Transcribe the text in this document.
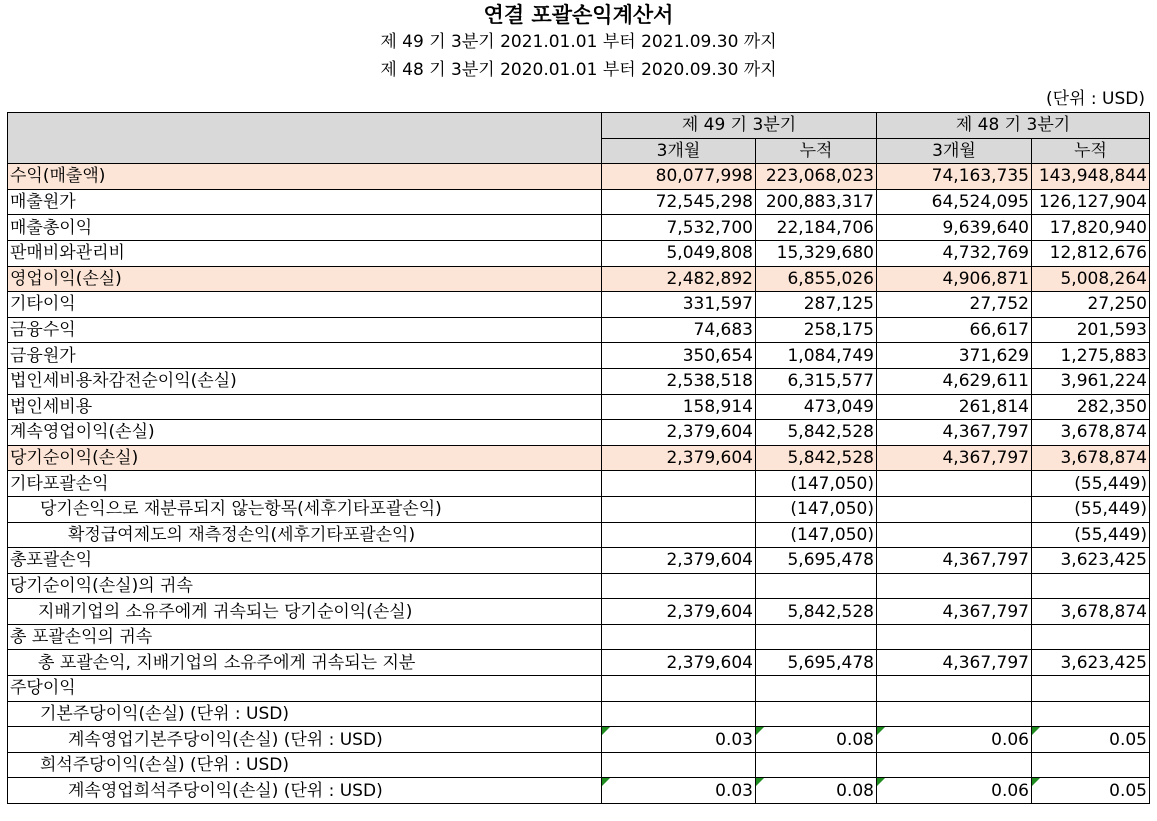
연결 포괄손익계산서
제 49 기 3분기 2021.01.01 부터 2021.09.30 까지
제 48 기 3분기 2020.01.01 부터 2020.09.30 까지
(단위 : USD)
	제 49 기 3분기		제 48 기 3분기	
	3개월	누적	3개월	누적
수익(매출액)	80,077,998	223,068,023	74,163,735	143,948,844
매출원가	72,545,298	200,883,317	64,524,095	126,127,904
매출총이익	7,532,700	22,184,706	9,639,640	17,820,940
판매비와관리비	5,049,808	15,329,680	4,732,769	12,812,676
영업이익(손실)	2,482,892	6,855,026	4,906,871	5,008,264
기타이익	331,597	287,125	27,752	27,250
금융수익	74,683	258,175	66,617	201,593
금융원가	350,654	1,084,749	371,629	1,275,883
법인세비용차감전순이익(손실)	2,538,518	6,315,577	4,629,611	3,961,224
법인세비용	158,914	473,049	261,814	282,350
계속영업이익(손실)	2,379,604	5,842,528	4,367,797	3,678,874
당기순이익(손실)	2,379,604	5,842,528	4,367,797	3,678,874
기타포괄손익		(147,050)		(55,449)
당기손익으로 재분류되지 않는항목(세후기타포괄손익)		(147,050)		(55,449)
확정급여제도의 재측정손익(세후기타포괄손익)		(147,050)		(55,449)
총포괄손익	2,379,604	5,695,478	4,367,797	3,623,425
당기순이익(손실)의 귀속				
지배기업의 소유주에게 귀속되는 당기순이익(손실)	2,379,604	5,842,528	4,367,797	3,678,874
총 포괄손익의 귀속				
총 포괄손익, 지배기업의 소유주에게 귀속되는 지분	2,379,604	5,695,478	4,367,797	3,623,425
주당이익				
기본주당이익(손실) (단위 : USD)				
계속영업기본주당이익(손실) (단위 : USD)	0.03	0.08	0.06	0.05
희석주당이익(손실) (단위 : USD)				
계속영업희석주당이익(손실) (단위 : USD)	0.03	0.08	0.06	0.05
